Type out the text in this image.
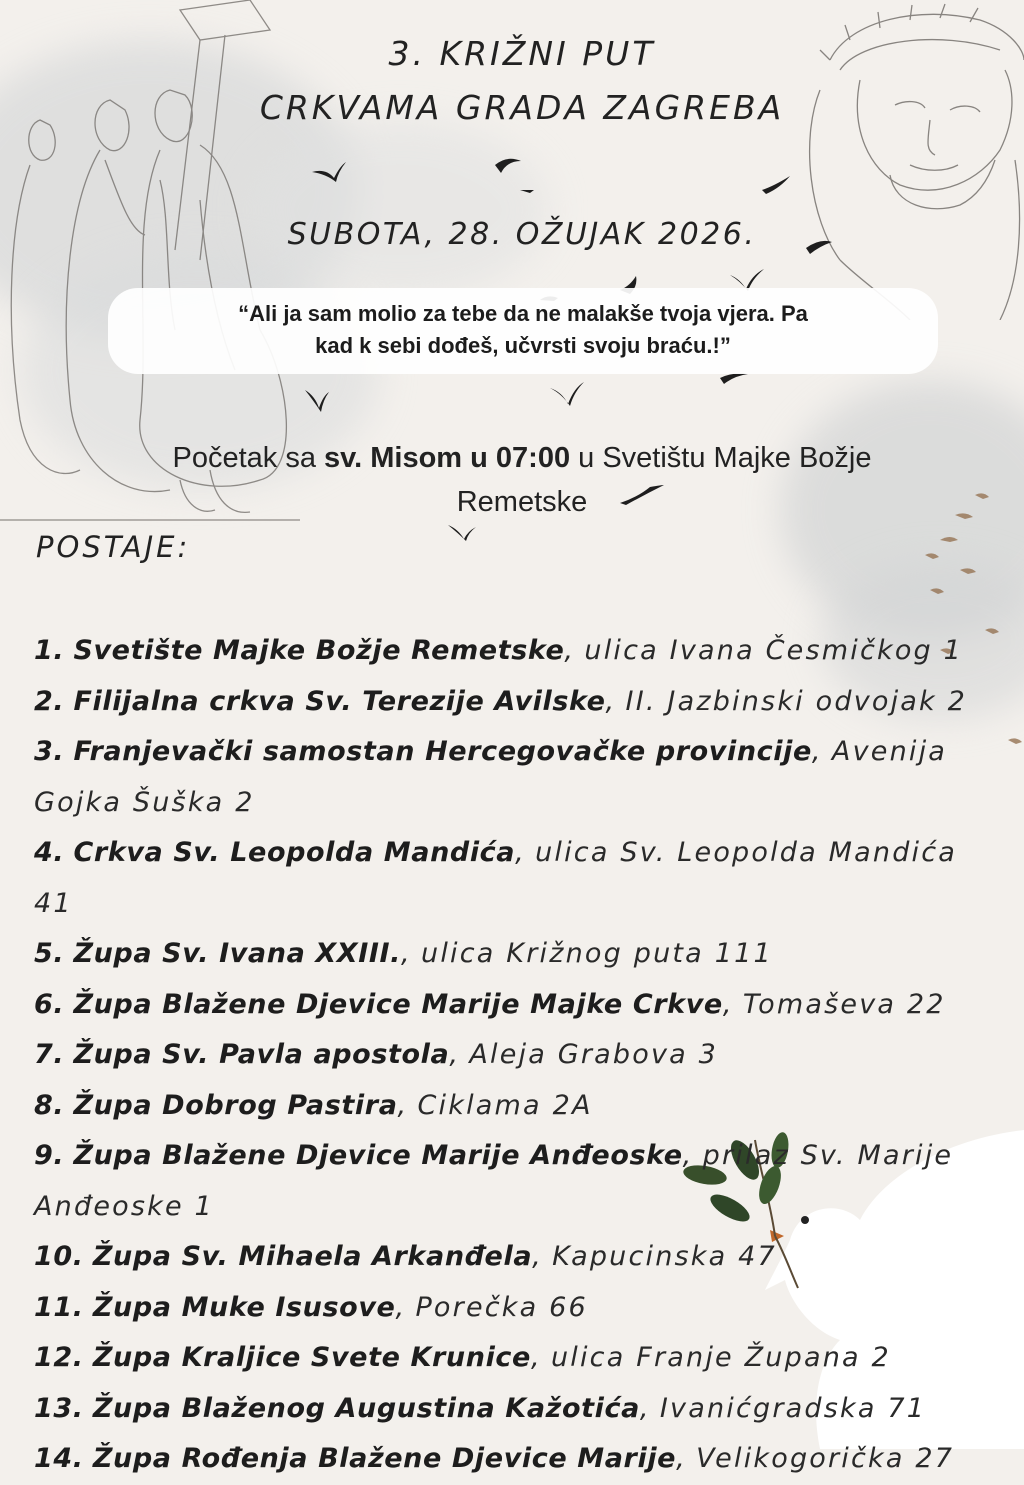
3. KRIŽNI PUT
CRKVAMA GRADA ZAGREBA
SUBOTA, 28. OŽUJAK 2026.
“Ali ja sam molio za tebe da ne malakše tvoja vjera. Pa
kad k sebi dođeš, učvrsti svoju braću.!”
Početak sa sv. Misom u 07:00 u Svetištu Majke Božje
Remetske
POSTAJE:
1. Svetište Majke Božje Remetske, ulica Ivana Česmičkog 1
2. Filijalna crkva Sv. Terezije Avilske, II. Jazbinski odvojak 2
3. Franjevački samostan Hercegovačke provincije, Avenija
Gojka Šuška 2
4. Crkva Sv. Leopolda Mandića, ulica Sv. Leopolda Mandića 41
5. Župa Sv. Ivana XXIII., ulica Križnog puta 111
6. Župa Blažene Djevice Marije Majke Crkve, Tomaševa 22
7. Župa Sv. Pavla apostola, Aleja Grabova 3
8. Župa Dobrog Pastira, Ciklama 2A
9. Župa Blažene Djevice Marije Anđeoske, prilaz Sv. Marije
Anđeoske 1
10. Župa Sv. Mihaela Arkanđela, Kapucinska 47
11. Župa Muke Isusove, Porečka 66
12. Župa Kraljice Svete Krunice, ulica Franje Župana 2
13. Župa Blaženog Augustina Kažotića, Ivanićgradska 71
14. Župa Rođenja Blažene Djevice Marije, Velikogorička 27
